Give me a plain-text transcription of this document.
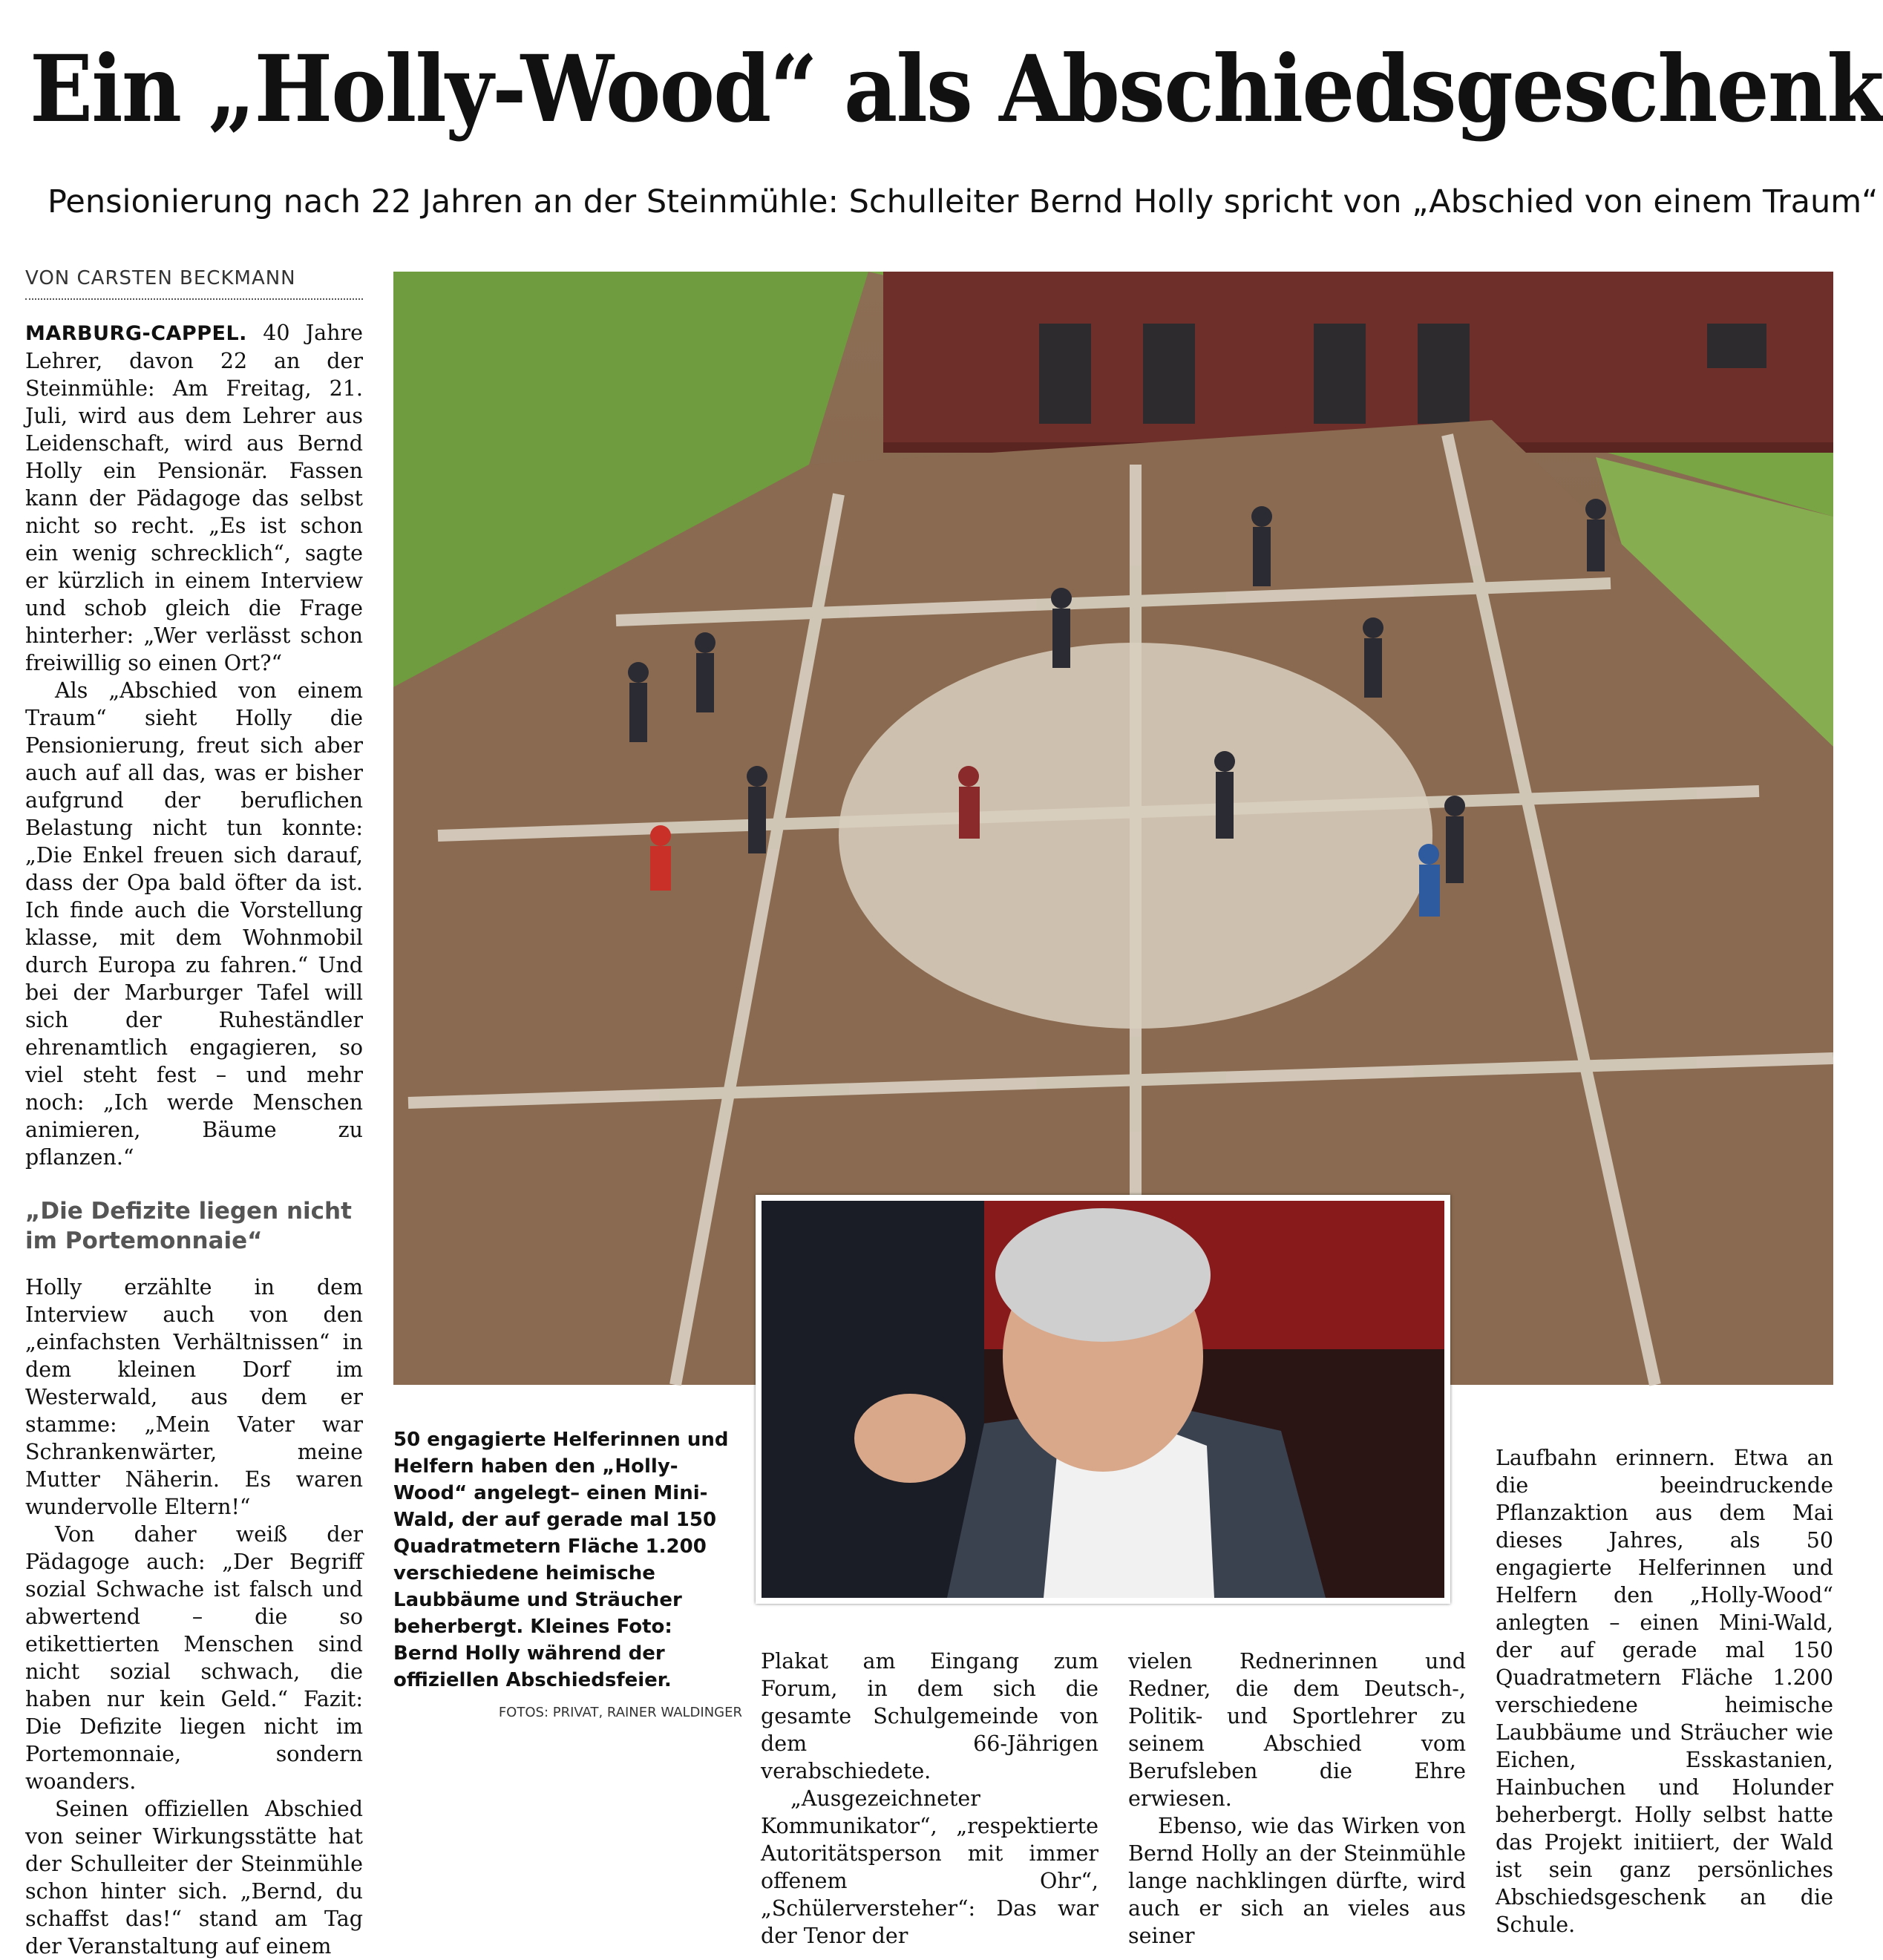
Ein „Holly-Wood“ als Abschiedsgeschenk
Pensionierung nach 22 Jahren an der Steinmühle: Schulleiter Bernd Holly spricht von „Abschied von einem Traum“
VON CARSTEN BECKMANN

MARBURG-CAPPEL. 40 Jahre Lehrer, davon 22 an der Steinmühle: Am Freitag, 21. Juli, wird aus dem Lehrer aus Leidenschaft, wird aus Bernd Holly ein Pensionär. Fassen kann der Pädagoge das selbst nicht so recht. „Es ist schon ein wenig schrecklich“, sagte er kürzlich in einem Interview und schob gleich die Frage hinterher: „Wer verlässt schon freiwillig so einen Ort?“

Als „Abschied von einem Traum“ sieht Holly die Pensionierung, freut sich aber auch auf all das, was er bisher aufgrund der beruflichen Belastung nicht tun konnte: „Die Enkel freuen sich darauf, dass der Opa bald öfter da ist. Ich finde auch die Vorstellung klasse, mit dem Wohnmobil durch Europa zu fahren.“ Und bei der Marburger Tafel will sich der Ruheständler ehrenamtlich engagieren, so viel steht fest – und mehr noch: „Ich werde Menschen animieren, Bäume zu pflanzen.“

„Die Defizite liegen nicht im Portemonnaie“

Holly erzählte in dem Interview auch von den „einfachsten Verhältnissen“ in dem kleinen Dorf im Westerwald, aus dem er stamme: „Mein Vater war Schrankenwärter, meine Mutter Näherin. Es waren wundervolle Eltern!“

Von daher weiß der Pädagoge auch: „Der Begriff sozial Schwache ist falsch und abwertend – die so etikettierten Menschen sind nicht sozial schwach, die haben nur kein Geld.“ Fazit: Die Defizite liegen nicht im Portemonnaie, sondern woanders.

Seinen offiziellen Abschied von seiner Wirkungsstätte hat der Schulleiter der Steinmühle schon hinter sich. „Bernd, du schaffst das!“ stand am Tag der Veranstaltung auf einem

50 engagierte Helferinnen und Helfern haben den „Holly-Wood“ angelegt– einen Mini-Wald, der auf gerade mal 150 Quadratmetern Fläche 1.200 verschiedene heimische Laubbäume und Sträucher beherbergt. Kleines Foto: Bernd Holly während der offiziellen Abschiedsfeier.
FOTOS: PRIVAT, RAINER WALDINGER

Plakat am Eingang zum Forum, in dem sich die gesamte Schulgemeinde von dem 66-Jährigen verabschiedete.

„Ausgezeichneter Kommunikator“, „respektierte Autoritätsperson mit immer offenem Ohr“, „Schülerversteher“: Das war der Tenor der

vielen Rednerinnen und Redner, die dem Deutsch-, Politik- und Sportlehrer zu seinem Abschied vom Berufsleben die Ehre erwiesen.

Ebenso, wie das Wirken von Bernd Holly an der Steinmühle lange nachklingen dürfte, wird auch er sich an vieles aus seiner

Laufbahn erinnern. Etwa an die beeindruckende Pflanzaktion aus dem Mai dieses Jahres, als 50 engagierte Helferinnen und Helfern den „Holly-Wood“ anlegten – einen Mini-Wald, der auf gerade mal 150 Quadratmetern Fläche 1.200 verschiedene heimische Laubbäume und Sträucher wie Eichen, Esskastanien, Hainbuchen und Holunder beherbergt. Holly selbst hatte das Projekt initiiert, der Wald ist sein ganz persönliches Abschiedsgeschenk an die Schule.
